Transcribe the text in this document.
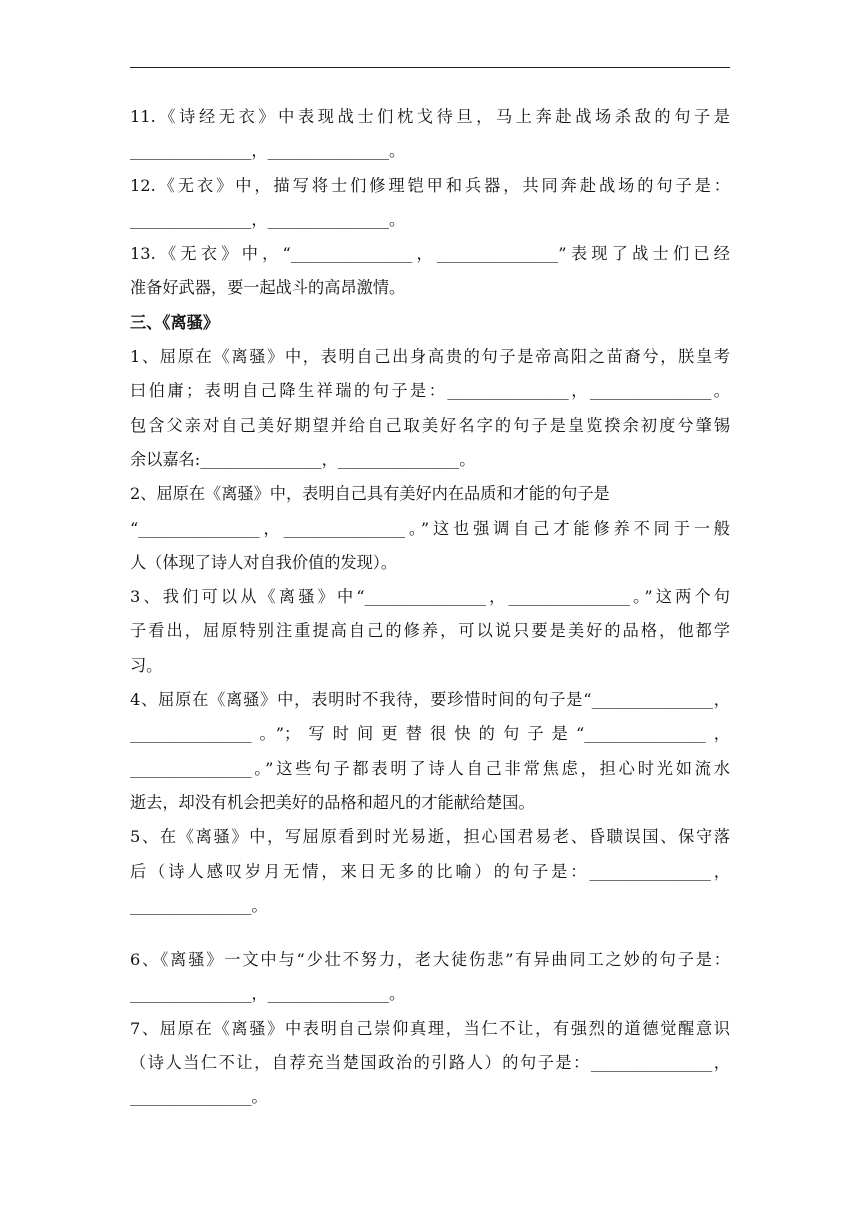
11.《诗经无衣》中表现战士们枕戈待旦，马上奔赴战场杀敌的句子是
_______________，_______________。
12.《无衣》中，描写将士们修理铠甲和兵器，共同奔赴战场的句子是：
_______________，_______________。
13.《无衣》中，“_______________，_______________”表现了战士们已经
准备好武器，要一起战斗的高昂激情。
三、《离骚》
1、屈原在《离骚》中，表明自己出身高贵的句子是帝高阳之苗裔兮，朕皇考
曰伯庸；表明自己降生祥瑞的句子是：_______________，_______________。
包含父亲对自己美好期望并给自己取美好名字的句子是皇览揆余初度兮肇锡
余以嘉名:_______________，_______________。
2、屈原在《离骚》中，表明自己具有美好内在品质和才能的句子是
“_______________，_______________。”这也强调自己才能修养不同于一般
人（体现了诗人对自我价值的发现）。
3、我们可以从《离骚》中“_______________，_______________。”这两个句
子看出，屈原特别注重提高自己的修养，可以说只要是美好的品格，他都学
习。
4、屈原在《离骚》中，表明时不我待，要珍惜时间的句子是“_______________，
_______________。”；写时间更替很快的句子是“_______________，
_______________。”这些句子都表明了诗人自己非常焦虑，担心时光如流水
逝去，却没有机会把美好的品格和超凡的才能献给楚国。
5、在《离骚》中，写屈原看到时光易逝，担心国君易老、昏聩误国、保守落
后（诗人感叹岁月无情，来日无多的比喻）的句子是：_______________，
_______________。
6、《离骚》一文中与“少壮不努力，老大徒伤悲”有异曲同工之妙的句子是：
_______________，_______________。
7、屈原在《离骚》中表明自己崇仰真理，当仁不让，有强烈的道德觉醒意识
（诗人当仁不让，自荐充当楚国政治的引路人）的句子是：_______________，
_______________。
